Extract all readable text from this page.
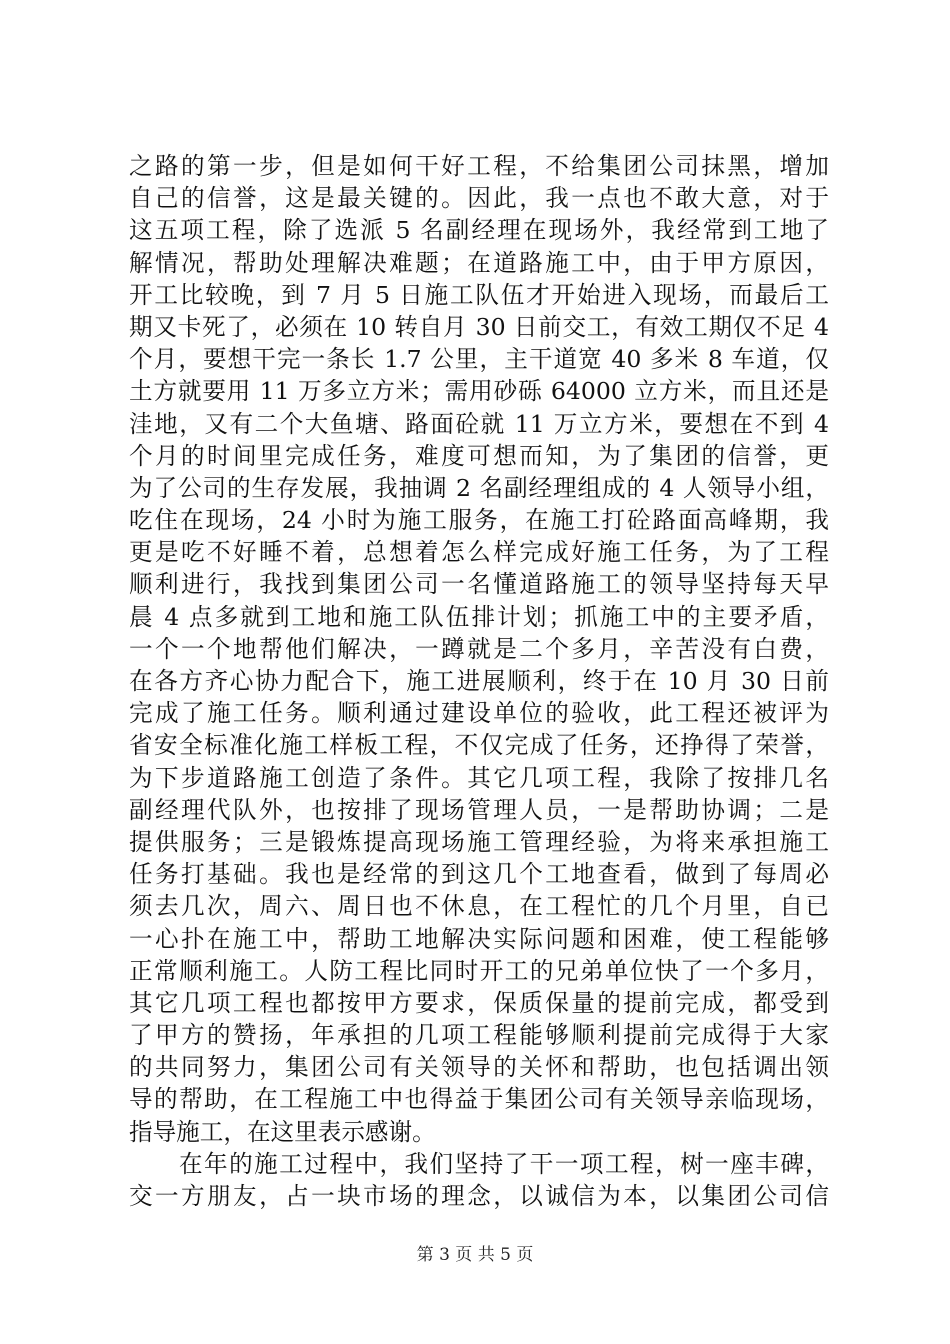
之路的第一步，但是如何干好工程，不给集团公司抹黑，增加
自己的信誉，这是最关键的。因此，我一点也不敢大意，对于
这五项工程，除了选派 5 名副经理在现场外，我经常到工地了
解情况，帮助处理解决难题；在道路施工中，由于甲方原因，
开工比较晚，到 7 月 5 日施工队伍才开始进入现场，而最后工
期又卡死了，必须在 10 转自月 30 日前交工，有效工期仅不足 4
个月，要想干完一条长 1.7 公里，主干道宽 40 多米 8 车道，仅
土方就要用 11 万多立方米；需用砂砾 64000 立方米，而且还是
洼地，又有二个大鱼塘、路面砼就 11 万立方米，要想在不到 4
个月的时间里完成任务，难度可想而知，为了集团的信誉，更
为了公司的生存发展，我抽调 2 名副经理组成的 4 人领导小组，
吃住在现场，24 小时为施工服务，在施工打砼路面高峰期，我
更是吃不好睡不着，总想着怎么样完成好施工任务，为了工程
顺利进行，我找到集团公司一名懂道路施工的领导坚持每天早
晨 4 点多就到工地和施工队伍排计划；抓施工中的主要矛盾，
一个一个地帮他们解决，一蹲就是二个多月，辛苦没有白费，
在各方齐心协力配合下，施工进展顺利，终于在 10 月 30 日前
完成了施工任务。顺利通过建设单位的验收，此工程还被评为
省安全标准化施工样板工程，不仅完成了任务，还挣得了荣誉，
为下步道路施工创造了条件。其它几项工程，我除了按排几名
副经理代队外，也按排了现场管理人员，一是帮助协调；二是
提供服务；三是锻炼提高现场施工管理经验，为将来承担施工
任务打基础。我也是经常的到这几个工地查看，做到了每周必
须去几次，周六、周日也不休息，在工程忙的几个月里，自已
一心扑在施工中，帮助工地解决实际问题和困难，使工程能够
正常顺利施工。人防工程比同时开工的兄弟单位快了一个多月，
其它几项工程也都按甲方要求，保质保量的提前完成，都受到
了甲方的赞扬，年承担的几项工程能够顺利提前完成得于大家
的共同努力，集团公司有关领导的关怀和帮助，也包括调出领
导的帮助，在工程施工中也得益于集团公司有关领导亲临现场，
指导施工，在这里表示感谢。
在年的施工过程中，我们坚持了干一项工程，树一座丰碑，
交一方朋友，占一块市场的理念，以诚信为本，以集团公司信
第 3 页 共 5 页
